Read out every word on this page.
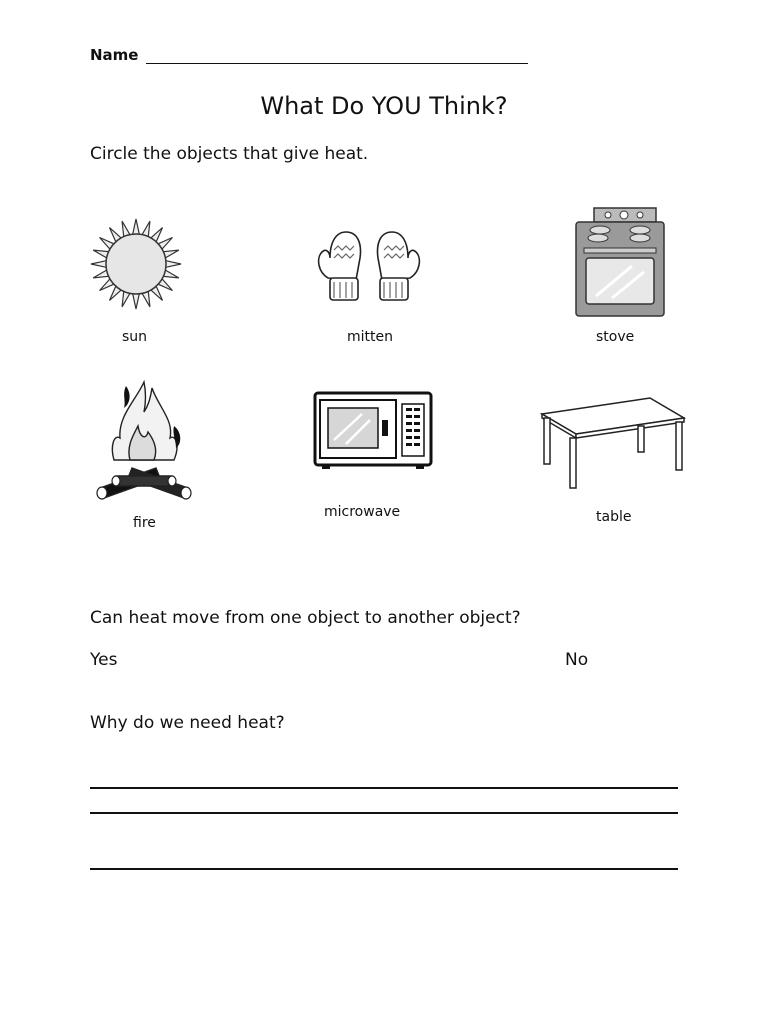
Name
What Do YOU Think?
Circle the objects that give heat.
sun	mitten	stove
fire
microwave	table
Can heat move from one object to another object?
Yes	No
Why do we need heat?
